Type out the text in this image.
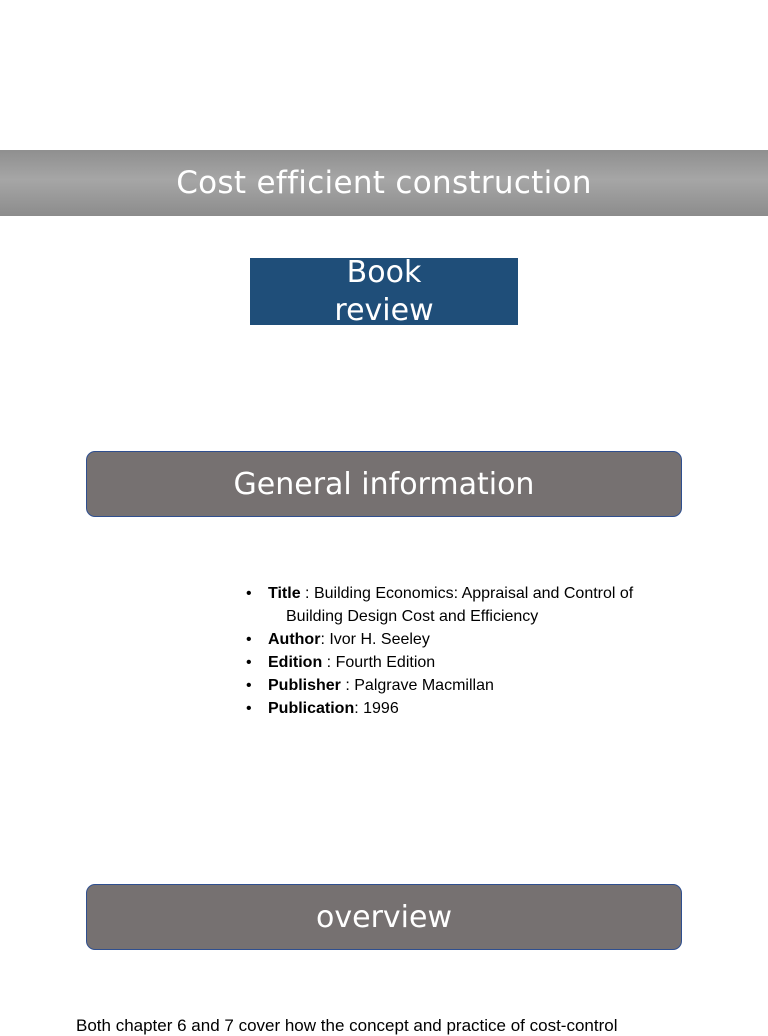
Cost efficient construction
Book
review
General information
• Title : Building Economics: Appraisal and Control of
Building Design Cost and Efficiency
• Author: Ivor H. Seeley
• Edition : Fourth Edition
• Publisher : Palgrave Macmillan
• Publication: 1996
overview
Both chapter 6 and 7 cover how the concept and practice of cost-control
